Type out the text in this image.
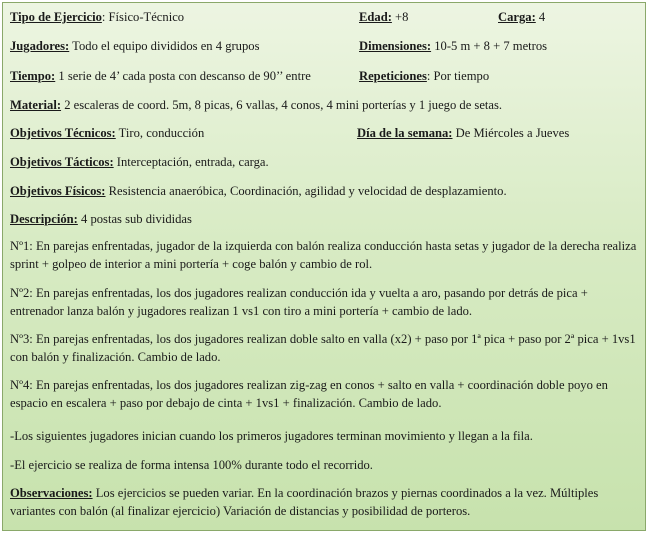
Tipo de Ejercicio: Físico-Técnico	Edad: +8	Carga: 4
Jugadores: Todo el equipo divididos en 4 grupos	Dimensiones: 10-5 m + 8 + 7 metros
Tiempo: 1 serie de 4’ cada posta con descanso de 90’’ entre	Repeticiones: Por tiempo
Material: 2 escaleras de coord. 5m, 8 picas, 6 vallas, 4 conos, 4 mini porterías y 1 juego de setas.
Objetivos Técnicos: Tiro, conducción	Día de la semana: De Miércoles a Jueves
Objetivos Tácticos: Interceptación, entrada, carga.
Objetivos Físicos: Resistencia anaeróbica, Coordinación, agilidad y velocidad de desplazamiento.
Descripción: 4 postas sub divididas
Nº1: En parejas enfrentadas, jugador de la izquierda con balón realiza conducción hasta setas y jugador de la derecha realiza sprint + golpeo de interior a mini portería + coge balón y cambio de rol.
Nº2: En parejas enfrentadas, los dos jugadores realizan conducción ida y vuelta a aro, pasando por detrás de pica + entrenador lanza balón y jugadores realizan 1 vs1 con tiro a mini portería + cambio de lado.
Nº3: En parejas enfrentadas, los dos jugadores realizan doble salto en valla (x2) + paso por 1ª pica + paso por 2ª pica + 1vs1 con balón y finalización. Cambio de lado.
Nº4: En parejas enfrentadas, los dos jugadores realizan zig-zag en conos + salto en valla + coordinación doble poyo en espacio en escalera + paso por debajo de cinta + 1vs1 + finalización. Cambio de lado.
-Los siguientes jugadores inician cuando los primeros jugadores terminan movimiento y llegan a la fila.
-El ejercicio se realiza de forma intensa 100% durante todo el recorrido.
Observaciones: Los ejercicios se pueden variar. En la coordinación brazos y piernas coordinados a la vez. Múltiples variantes con balón (al finalizar ejercicio) Variación de distancias y posibilidad de porteros.
